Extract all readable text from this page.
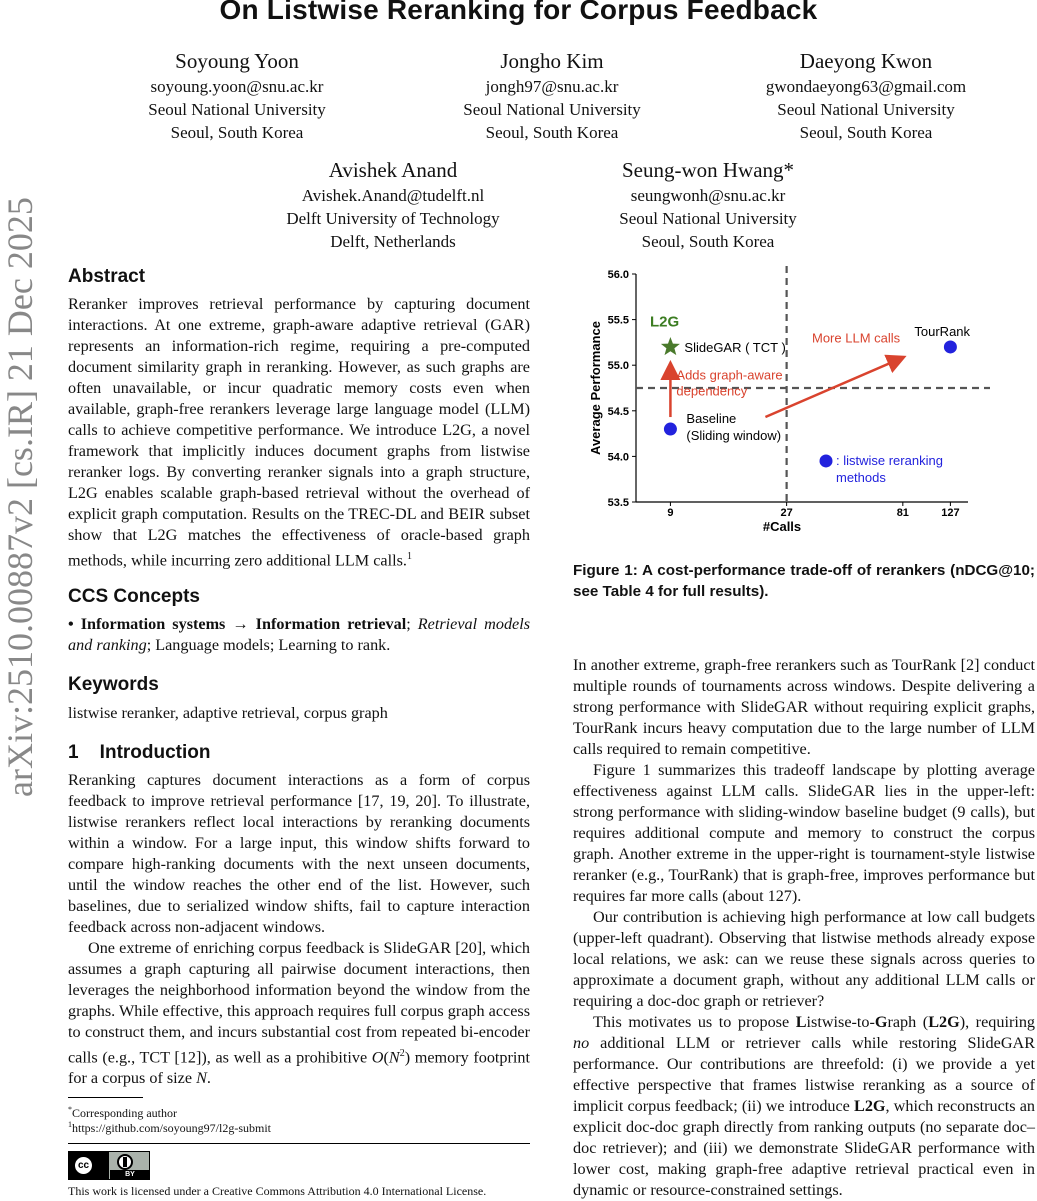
On Listwise Reranking for Corpus Feedback
arXiv:2510.00887v2 [cs.IR] 21 Dec 2025
Soyoung Yoon
soyoung.yoon@snu.ac.kr
Seoul National University
Seoul, South Korea
Jongho Kim
jongh97@snu.ac.kr
Seoul National University
Seoul, South Korea
Daeyong Kwon
gwondaeyong63@gmail.com
Seoul National University
Seoul, South Korea
Avishek Anand
Avishek.Anand@tudelft.nl
Delft University of Technology
Delft, Netherlands
Seung-won Hwang*
seungwonh@snu.ac.kr
Seoul National University
Seoul, South Korea
Abstract

Reranker improves retrieval performance by capturing document interactions. At one extreme, graph-aware adaptive retrieval (GAR) represents an information-rich regime, requiring a pre-computed document similarity graph in reranking. However, as such graphs are often unavailable, or incur quadratic memory costs even when available, graph-free rerankers leverage large language model (LLM) calls to achieve competitive performance. We introduce L2G, a novel framework that implicitly induces document graphs from listwise reranker logs. By converting reranker signals into a graph structure, L2G enables scalable graph-based retrieval without the overhead of explicit graph computation. Results on the TREC-DL and BEIR subset show that L2G matches the effectiveness of oracle-based graph methods, while incurring zero additional LLM calls.$^1$

CCS Concepts

• Information systems → Information retrieval; Retrieval models and ranking; Language models; Learning to rank.

Keywords

listwise reranker, adaptive retrieval, corpus graph

1    Introduction

Reranking captures document interactions as a form of corpus feedback to improve retrieval performance [17, 19, 20]. To illustrate, listwise rerankers reflect local interactions by reranking documents within a window. For a large input, this window shifts forward to compare high-ranking documents with the next unseen documents, until the window reaches the other end of the list. However, such baselines, due to serialized window shifts, fail to capture interaction feedback across non-adjacent windows.

One extreme of enriching corpus feedback is SlideGAR [20], which assumes a graph capturing all pairwise document interactions, then leverages the neighborhood information beyond the window from the graphs. While effective, this approach requires full corpus graph access to construct them, and incurs substantial cost from repeated bi-encoder calls (e.g., TCT [12]), as well as a prohibitive $O(N^2)$ memory footprint for a corpus of size N.

*Corresponding author
$^1$https://github.com/soyoung97/l2g-submit
cc
BY
This work is licensed under a Creative Commons Attribution 4.0 International License.
53.5
54.0
54.5
55.0
55.5
56.0
9	27	81	127
#Calls
Average Performance	L2G
SlideGAR ( TCT )
Baseline
(Sliding window)
TourRank
Adds graph-aware
dependency
More LLM calls
: listwise reranking
methods
Figure 1: A cost-performance trade-off of rerankers (nDCG@10; see Table 4 for full results).

In another extreme, graph-free rerankers such as TourRank [2] conduct multiple rounds of tournaments across windows. Despite delivering a strong performance with SlideGAR without requiring explicit graphs, TourRank incurs heavy computation due to the large number of LLM calls required to remain competitive.

Figure 1 summarizes this tradeoff landscape by plotting average effectiveness against LLM calls. SlideGAR lies in the upper-left: strong performance with sliding-window baseline budget (9 calls), but requires additional compute and memory to construct the corpus graph. Another extreme in the upper-right is tournament-style listwise reranker (e.g., TourRank) that is graph-free, improves performance but requires far more calls (about 127).

Our contribution is achieving high performance at low call budgets (upper-left quadrant). Observing that listwise methods already expose local relations, we ask: can we reuse these signals across queries to approximate a document graph, without any additional LLM calls or requiring a doc-doc graph or retriever?

This motivates us to propose Listwise-to-Graph (L2G), requiring no additional LLM or retriever calls while restoring SlideGAR performance. Our contributions are threefold: (i) we provide a yet effective perspective that frames listwise reranking as a source of implicit corpus feedback; (ii) we introduce L2G, which reconstructs an explicit doc-doc graph directly from ranking outputs (no separate doc–doc retriever); and (iii) we demonstrate SlideGAR performance with lower cost, making graph-free adaptive retrieval practical even in dynamic or resource-constrained settings.
